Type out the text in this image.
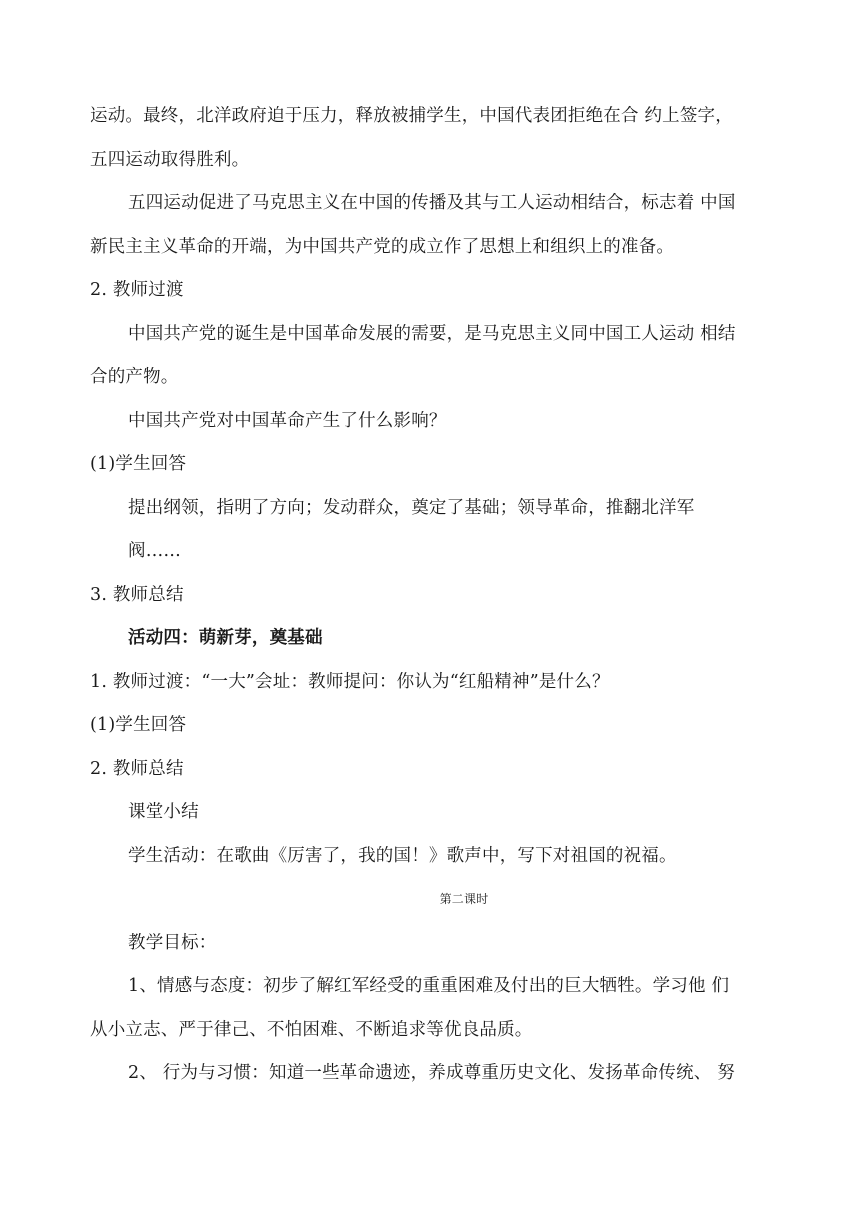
运动。最终，北洋政府迫于压力，释放被捕学生，中国代表团拒绝在合 约上签字，
五四运动取得胜利。
五四运动促进了马克思主义在中国的传播及其与工人运动相结合，标志着 中国
新民主主义革命的开端，为中国共产党的成立作了思想上和组织上的准备。
2. 教师过渡
中国共产党的诞生是中国革命发展的需要，是马克思主义同中国工人运动 相结
合的产物。
中国共产党对中国革命产生了什么影响？
(1)学生回答
提出纲领，指明了方向；发动群众，奠定了基础；领导革命，推翻北洋军
阀……
3. 教师总结
活动四：萌新芽，奠基础
1. 教师过渡：“一大”会址：教师提问：你认为“红船精神”是什么？
(1)学生回答
2. 教师总结
课堂小结
学生活动：在歌曲《厉害了，我的国！》歌声中，写下对祖国的祝福。
第二课时
教学目标：
1、情感与态度：初步了解红军经受的重重困难及付出的巨大牺牲。学习他 们
从小立志、严于律己、不怕困难、不断追求等优良品质。
2、 行为与习惯：知道一些革命遗迹，养成尊重历史文化、发扬革命传统、 努
